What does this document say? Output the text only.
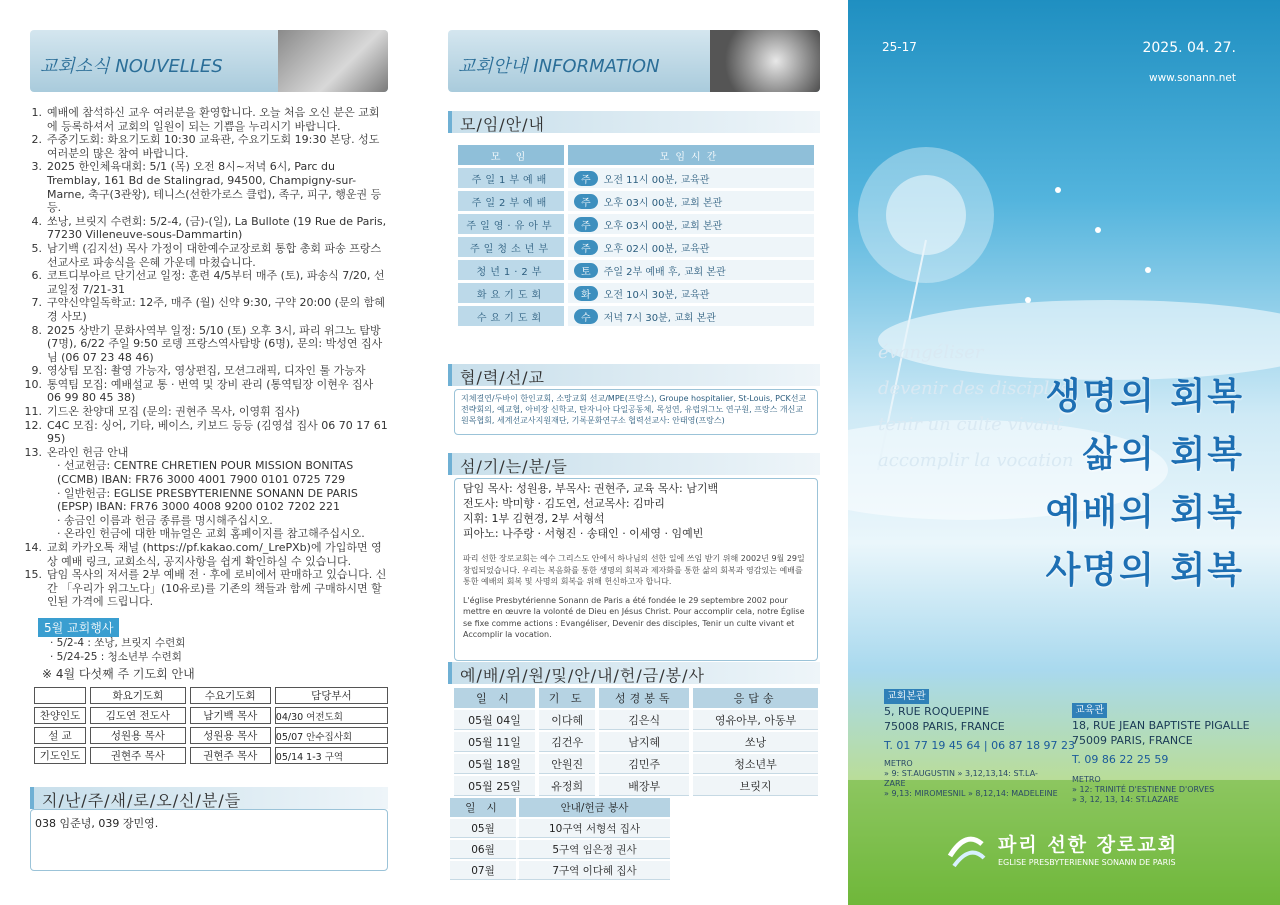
교회소식 NOUVELLES
1. 예배에 참석하신 교우 여러분을 환영합니다. 오늘 처음 오신 분은 교회에 등록하셔서 교회의 일원이 되는 기쁨을 누리시기 바랍니다.
2. 주중기도회: 화요기도회 10:30 교육관, 수요기도회 19:30 본당. 성도 여러분의 많은 참여 바랍니다.
3. 2025 한인체육대회: 5/1 (목) 오전 8시~저녁 6시, Parc du Tremblay, 161 Bd de Stalingrad, 94500, Champigny-sur-Marne, 축구(3관왕), 테니스(선한가로스 클럽), 족구, 피구, 행운권 등등.
4. 쏘낭, 브릿지 수련회: 5/2-4, (금)-(일), La Bullote (19 Rue de Paris, 77230 Villeneuve-sous-Dammartin)
5. 남기백 (김지선) 목사 가정이 대한예수교장로회 통합 총회 파송 프랑스 선교사로 파송식을 은혜 가운데 마쳤습니다.
6. 코트디부아르 단기선교 일정: 훈련 4/5부터 매주 (토), 파송식 7/20, 선교일정 7/21-31
7. 구약신약일독학교: 12주, 매주 (월) 신약 9:30, 구약 20:00 (문의 함혜경 사모)
8. 2025 상반기 문화사역부 일정: 5/10 (토) 오후 3시, 파리 위그노 탐방 (7명), 6/22 주일 9:50 로뎅 프랑스역사탐방 (6명), 문의: 박성연 집사님 (06 07 23 48 46)
9. 영상팀 모집: 촬영 가능자, 영상편집, 모션그래픽, 디자인 툴 가능자
10. 통역팀 모집: 예배설교 통 · 번역 및 장비 관리 (통역팀장 이현우 집사 06 99 80 45 38)
11. 기드온 찬양대 모집 (문의: 권현주 목사, 이영휘 집사)
12. C4C 모집: 싱어, 기타, 베이스, 키보드 등등 (김영섭 집사 06 70 17 61 95)
13. 온라인 헌금 안내
· 선교헌금: CENTRE CHRETIEN POUR MISSION BONITAS (CCMB) IBAN: FR76 3000 4001 7900 0101 0725 729
· 일반헌금: EGLISE PRESBYTERIENNE SONANN DE PARIS (EPSP) IBAN: FR76 3000 4008 9200 0102 7202 221
· 송금인 이름과 헌금 종류를 명시해주십시오.
· 온라인 헌금에 대한 매뉴얼은 교회 홈페이지를 참고해주십시오.
14. 교회 카카오톡 채널 (https://pf.kakao.com/_LrePXb)에 가입하면 영상 예배 링크, 교회소식, 공지사항을 쉽게 확인하실 수 있습니다.
15. 담임 목사의 저서를 2부 예배 전 · 후에 로비에서 판매하고 있습니다. 신간 「우리가 위그노다」(10유로)를 기존의 책들과 함께 구매하시면 할인된 가격에 드립니다.
5월 교회행사
· 5/2-4 : 쏘낭, 브릿지 수련회
· 5/24-25 : 청소년부 수련회
※ 4월 다섯째 주 기도회 안내
	화요기도회	수요기도회	담당부서
찬양인도	김도연 전도사	남기백 목사	04/30 여전도회
설 교	성원용 목사	성원용 목사	05/07 안수집사회
기도인도	권현주 목사	권현주 목사	05/14 1-3 구역
지/난/주/새/로/오/신/분/들
038 임준녕, 039 장민영.
교회안내 INFORMATION
모/임/안/내
모 임	모임시간
주일1부예배	주 오전 11시 00분, 교육관
주일2부예배	주 오후 03시 00분, 교회 본관
주일영·유아부	주 오후 03시 00분, 교회 본관
주일청소년부	주 오후 02시 00분, 교육관
청년1·2부	토 주일 2부 예배 후, 교회 본관
화요기도회	화 오전 10시 30분, 교육관
수요기도회	수 저녁 7시 30분, 교회 본관
협/력/선/교
지체결연/두바이 한인교회, 소망교회 선교/MPE(프랑스), Groupe hospitalier, St-Louis, PCK선교전략회의, 예교협, 아비장 신학교, 탄자니아 다일공동체, 목성연, 유럽위그노 연구원, 프랑스 개신교 원목협회, 세계선교사지원재단, 기록문화연구소 협력선교사: 안태영(프랑스)
섬/기/는/분/들
담임 목사: 성원용, 부목사: 권현주, 교육 목사: 남기백
전도사: 박미향 · 김도연, 선교목사: 김마리
지휘: 1부 김현경, 2부 서형석
피아노: 나주랑 · 서형진 · 송태인 · 이세영 · 임예빈
파리 선한 장로교회는 예수 그리스도 안에서 하나님의 선한 일에 쓰임 받기 위해 2002년 9월 29일 창립되었습니다. 우리는 복음화를 통한 생명의 회복과 제자화를 통한 삶의 회복과 영감있는 예배를 통한 예배의 회복 및 사명의 회복을 위해 헌신하고자 합니다.
L'église Presbytérienne Sonann de Paris a été fondée le 29 septembre 2002 pour mettre en œuvre la volonté de Dieu en Jésus Christ. Pour accomplir cela, notre Église se fixe comme actions : Evangéliser, Devenir des disciples, Tenir un culte vivant et Accomplir la vocation.
예/배/위/원/및/안/내/헌/금/봉/사
일 시	기 도	성경봉독	응답송
05월 04일	이다혜	김은식	영유아부, 아동부
05월 11일	김건우	남지혜	쏘낭
05월 18일	안원진	김민주	청소년부
05월 25일	유정희	배장부	브릿지
일 시	안내/헌금 봉사
05월	10구역 서형석 집사
06월	5구역 임은정 권사
07월	7구역 이다혜 집사
25-17	2025. 04. 27.
www.sonann.net
évangéliser
devenir des disciples
tenir un culte vivant
accomplir la vocation
생명의 회복
삶의 회복
예배의 회복
사명의 회복
교회본관
5, RUE ROQUEPINE
75008 PARIS, FRANCE
T. 01 77 19 45 64 | 06 87 18 97 23
METRO
» 9: ST.AUGUSTIN » 3,12,13,14: ST.LA-
ZARE
» 9,13: MIROMESNIL » 8,12,14: MADELEINE
교육관
18, RUE JEAN BAPTISTE PIGALLE
75009 PARIS, FRANCE
T. 09 86 22 25 59
METRO
» 12: TRINITÉ D'ESTIENNE D'ORVES
» 3, 12, 13, 14: ST.LAZARE
파리 선한 장로교회
EGLISE PRESBYTERIENNE SONANN DE PARIS
